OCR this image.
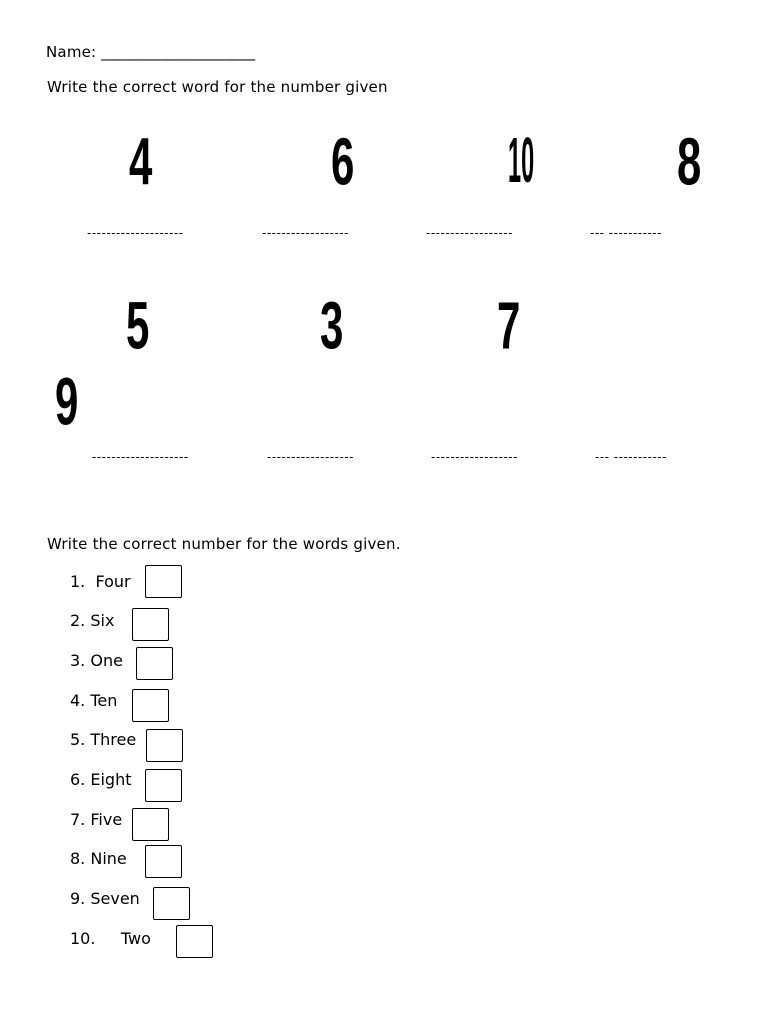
Name: ____________________
Write the correct word for the number given
4	6	10	8
--------------------	------------------	------------------	--- -----------
5	3	7
9
--------------------	------------------	------------------	--- -----------
Write the correct number for the words given.
1. Four
2. Six
3. One
4. Ten
5. Three
6. Eight
7. Five
8. Nine
9. Seven
10. Two
